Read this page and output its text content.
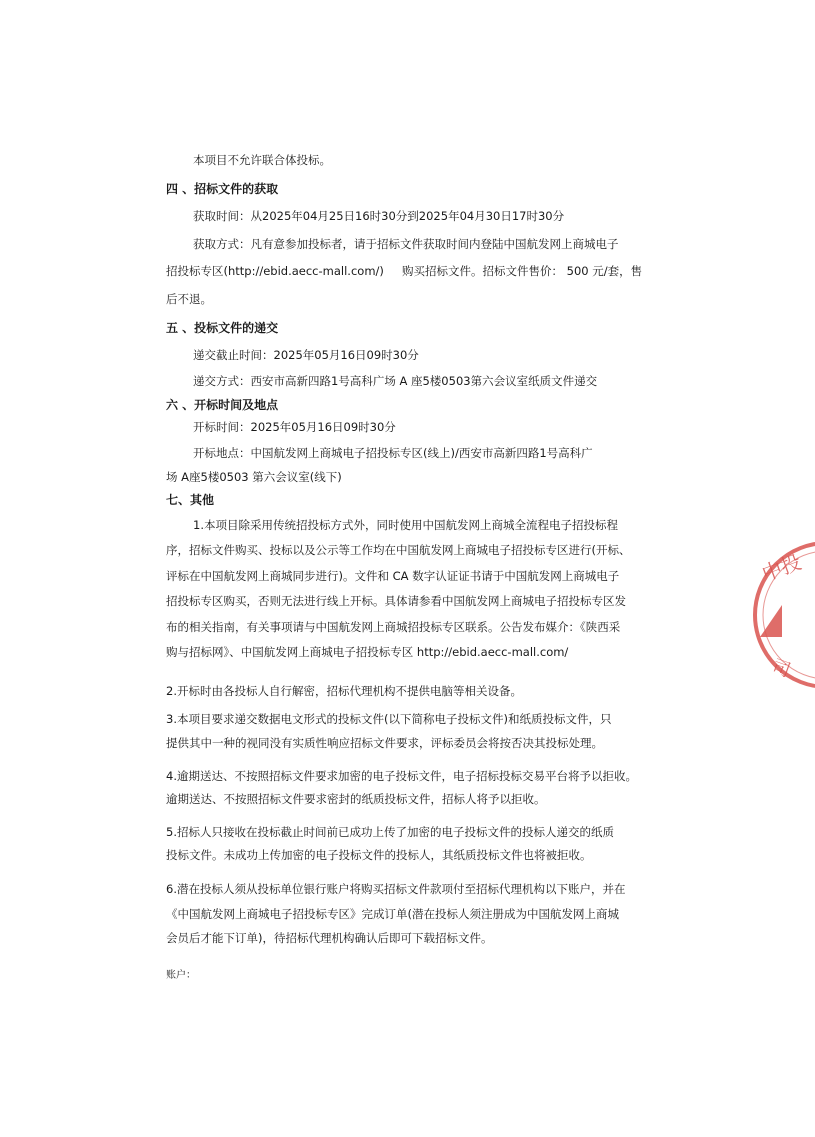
本项目不允许联合体投标。
四 、招标文件的获取
获取时间：从2025年04月25日16时30分到2025年04月30日17时30分
获取方式：凡有意参加投标者，请于招标文件获取时间内登陆中国航发网上商城电子
招投标专区(http://ebid.aecc-mall.com/) 购买招标文件。招标文件售价： 500 元/套，售
后不退。
五 、投标文件的递交
递交截止时间：2025年05月16日09时30分
递交方式：西安市高新四路1号高科广场 A 座5楼0503第六会议室纸质文件递交
六 、开标时间及地点
开标时间：2025年05月16日09时30分
开标地点：中国航发网上商城电子招投标专区(线上)/西安市高新四路1号高科广
场 A座5楼0503 第六会议室(线下)
七、其他
1.本项目除采用传统招投标方式外，同时使用中国航发网上商城全流程电子招投标程
序，招标文件购买、投标以及公示等工作均在中国航发网上商城电子招投标专区进行(开标、
评标在中国航发网上商城同步进行)。文件和 CA 数字认证证书请于中国航发网上商城电子
招投标专区购买，否则无法进行线上开标。具体请参看中国航发网上商城电子招投标专区发
布的相关指南，有关事项请与中国航发网上商城招投标专区联系。公告发布媒介：《陕西采
购与招标网》、中国航发网上商城电子招投标专区 http://ebid.aecc-mall.com/
2.开标时由各投标人自行解密，招标代理机构不提供电脑等相关设备。
3.本项目要求递交数据电文形式的投标文件(以下简称电子投标文件)和纸质投标文件，只
提供其中一种的视同没有实质性响应招标文件要求，评标委员会将按否决其投标处理。
4.逾期送达、不按照招标文件要求加密的电子投标文件，电子招标投标交易平台将予以拒收。
逾期送达、不按照招标文件要求密封的纸质投标文件，招标人将予以拒收。
5.招标人只接收在投标截止时间前已成功上传了加密的电子投标文件的投标人递交的纸质
投标文件。未成功上传加密的电子投标文件的投标人，其纸质投标文件也将被拒收。
6.潜在投标人须从投标单位银行账户将购买招标文件款项付至招标代理机构以下账户，并在
《中国航发网上商城电子招投标专区》完成订单(潜在投标人须注册成为中国航发网上商城
会员后才能下订单)，待招标代理机构确认后即可下载招标文件。
账户：
中投
司
